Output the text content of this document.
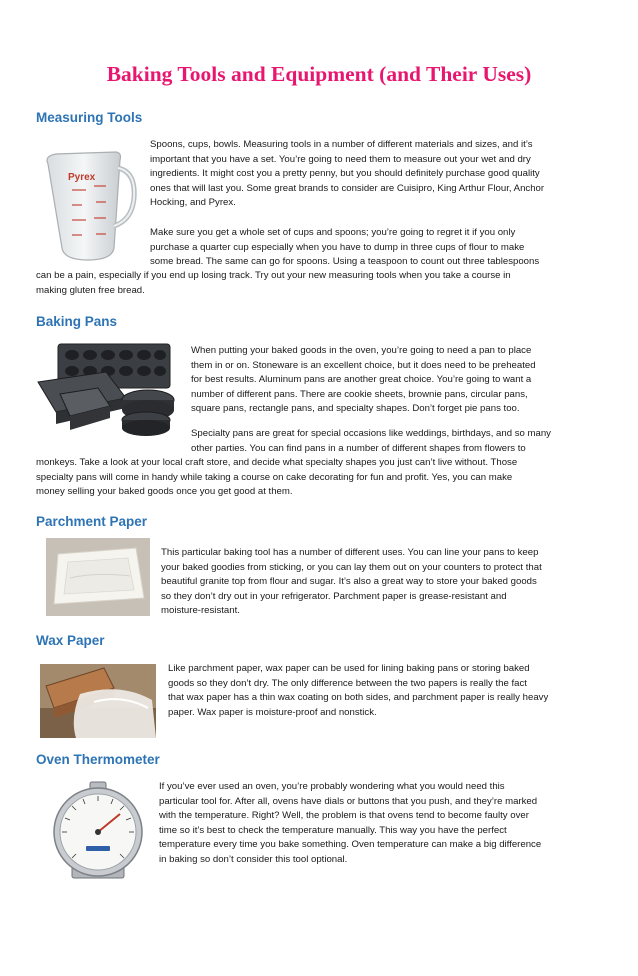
Baking Tools and Equipment (and Their Uses)
Measuring Tools
Pyrex
Spoons, cups, bowls. Measuring tools in a number of different materials and sizes, and it’s
important that you have a set. You’re going to need them to measure out your wet and dry
ingredients. It might cost you a pretty penny, but you should definitely purchase good quality
ones that will last you. Some great brands to consider are Cuisipro, King Arthur Flour, Anchor
Hocking, and Pyrex.
Make sure you get a whole set of cups and spoons; you’re going to regret it if you only
purchase a quarter cup especially when you have to dump in three cups of flour to make
some bread. The same can go for spoons. Using a teaspoon to count out three tablespoons
can be a pain, especially if you end up losing track. Try out your new measuring tools when you take a course in
making gluten free bread.
Baking Pans
When putting your baked goods in the oven, you’re going to need a pan to place
them in or on. Stoneware is an excellent choice, but it does need to be preheated
for best results. Aluminum pans are another great choice. You’re going to want a
number of different pans. There are cookie sheets, brownie pans, circular pans,
square pans, rectangle pans, and specialty shapes. Don’t forget pie pans too.
Specialty pans are great for special occasions like weddings, birthdays, and so many
other parties. You can find pans in a number of different shapes from flowers to
monkeys. Take a look at your local craft store, and decide what specialty shapes you just can’t live without. Those
specialty pans will come in handy while taking a course on cake decorating for fun and profit. Yes, you can make
money selling your baked goods once you get good at them.
Parchment Paper
This particular baking tool has a number of different uses. You can line your pans to keep
your baked goodies from sticking, or you can lay them out on your counters to protect that
beautiful granite top from flour and sugar. It’s also a great way to store your baked goods
so they don’t dry out in your refrigerator. Parchment paper is grease-resistant and
moisture-resistant.
Wax Paper
Like parchment paper, wax paper can be used for lining baking pans or storing baked
goods so they don’t dry. The only difference between the two papers is really the fact
that wax paper has a thin wax coating on both sides, and parchment paper is really heavy
paper. Wax paper is moisture-proof and nonstick.
Oven Thermometer
If you’ve ever used an oven, you’re probably wondering what you would need this
particular tool for. After all, ovens have dials or buttons that you push, and they’re marked
with the temperature. Right? Well, the problem is that ovens tend to become faulty over
time so it’s best to check the temperature manually. This way you have the perfect
temperature every time you bake something. Oven temperature can make a big difference
in baking so don’t consider this tool optional.
